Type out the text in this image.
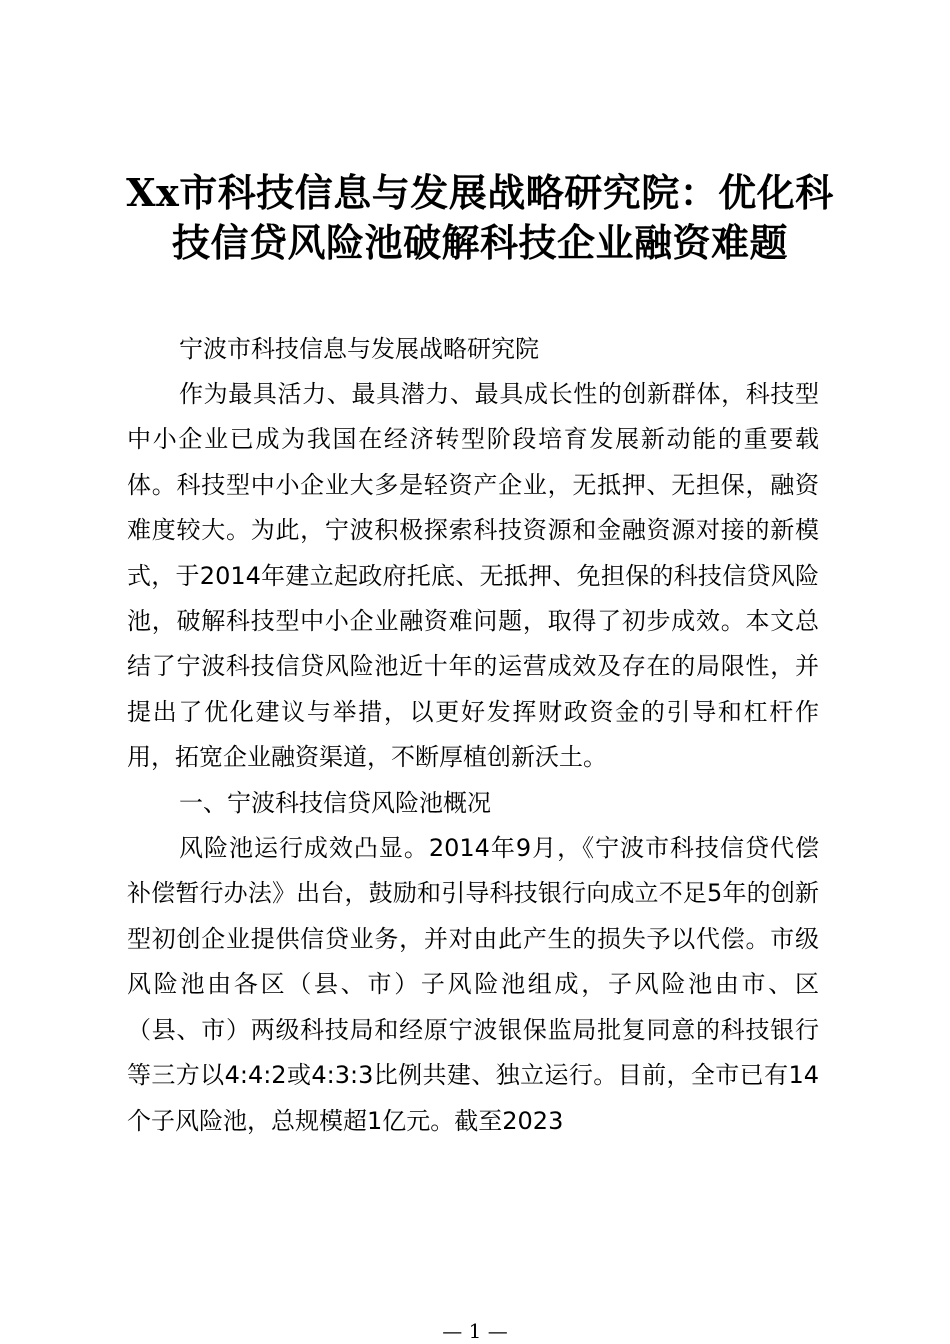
Xx市科技信息与发展战略研究院：优化科技信贷风险池破解科技企业融资难题

宁波市科技信息与发展战略研究院

作为最具活力、最具潜力、最具成长性的创新群体，科技型中小企业已成为我国在经济转型阶段培育发展新动能的重要载体。科技型中小企业大多是轻资产企业，无抵押、无担保，融资难度较大。为此，宁波积极探索科技资源和金融资源对接的新模式，于2014年建立起政府托底、无抵押、免担保的科技信贷风险池，破解科技型中小企业融资难问题，取得了初步成效。本文总结了宁波科技信贷风险池近十年的运营成效及存在的局限性，并提出了优化建议与举措，以更好发挥财政资金的引导和杠杆作用，拓宽企业融资渠道，不断厚植创新沃土。

一、宁波科技信贷风险池概况

风险池运行成效凸显。2014年9月，《宁波市科技信贷代偿补偿暂行办法》出台，鼓励和引导科技银行向成立不足5年的创新型初创企业提供信贷业务，并对由此产生的损失予以代偿。市级风险池由各区（县、市）子风险池组成，子风险池由市、区（县、市）两级科技局和经原宁波银保监局批复同意的科技银行等三方以4:4:2或4:3:3比例共建、独立运行。目前，全市已有14个子风险池，总规模超1亿元。截至2023

— 1 —
